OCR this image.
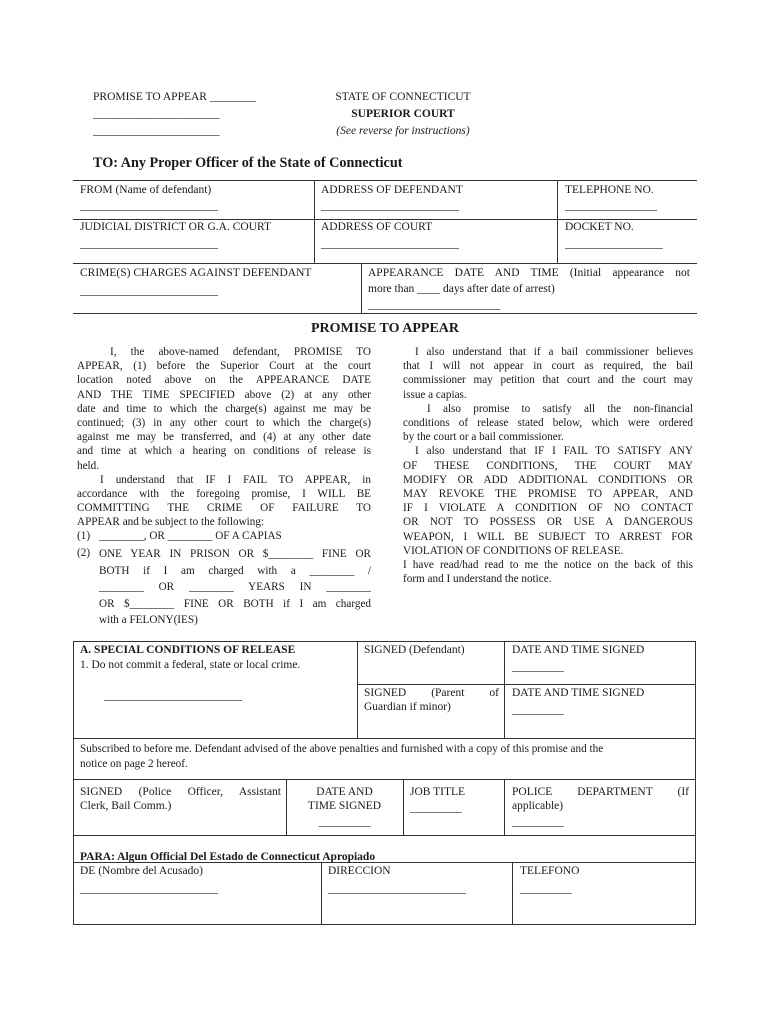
PROMISE TO APPEAR ________
______________________
______________________
STATE OF CONNECTICUT
SUPERIOR COURT
(See reverse for instructions)
TO: Any Proper Officer of the State of Connecticut
FROM (Name of defendant)
________________________
ADDRESS OF DEFENDANT
________________________
TELEPHONE NO.
________________
JUDICIAL DISTRICT OR G.A. COURT
________________________
ADDRESS OF COURT
________________________
DOCKET NO.
_________________
CRIME(S) CHARGES AGAINST DEFENDANT
________________________
APPEARANCE DATE AND TIME (Initial appearance not
more than ____ days after date of arrest)
_______________________
PROMISE TO APPEAR
I, the above-named defendant, PROMISE TO
APPEAR, (1) before the Superior Court at the court
location noted above on the APPEARANCE DATE
AND THE TIME SPECIFIED above (2) at any other
date and time to which the charge(s) against me may be
continued; (3) in any other court to which the charge(s)
against me may be transferred, and (4) at any other date
and time at which a hearing on conditions of release is
held.
I understand that IF I FAIL TO APPEAR, in
accordance with the foregoing promise, I WILL BE
COMMITTING THE CRIME OF FAILURE TO
APPEAR and be subject to the following:
(1) ________, OR ________ OF A CAPIAS
(2) ONE YEAR IN PRISON OR $________ FINE OR
BOTH if I am charged with a ________ /
________ OR ________ YEARS IN ________
OR $________ FINE OR BOTH if I am charged
with a FELONY(IES)
I also understand that if a bail commissioner believes
that I will not appear in court as required, the bail
commissioner may petition that court and the court may
issue a capias.
I also promise to satisfy all the non-financial
conditions of release stated below, which were ordered
by the court or a bail commissioner.
I also understand that IF I FAIL TO SATISFY ANY
OF THESE CONDITIONS, THE COURT MAY
MODIFY OR ADD ADDITIONAL CONDITIONS OR
MAY REVOKE THE PROMISE TO APPEAR, AND
IF I VIOLATE A CONDITION OF NO CONTACT
OR NOT TO POSSESS OR USE A DANGEROUS
WEAPON, I WILL BE SUBJECT TO ARREST FOR
VIOLATION OF CONDITIONS OF RELEASE.
I have read/had read to me the notice on the back of this
form and I understand the notice.
A. SPECIAL CONDITIONS OF RELEASE
1. Do not commit a federal, state or local crime.
________________________
SIGNED (Defendant)	DATE AND TIME SIGNED
_________
SIGNED (Parent of
Guardian if minor)
DATE AND TIME SIGNED
_________
Subscribed to before me. Defendant advised of the above penalties and furnished with a copy of this promise and the
notice on page 2 hereof.
SIGNED (Police Officer, Assistant
Clerk, Bail Comm.)
DATE AND
TIME SIGNED
_________
JOB TITLE
_________
POLICE DEPARTMENT (If
applicable)
_________
PARA: Algun Official Del Estado de Connecticut Apropiado
DE (Nombre del Acusado)
________________________
DIRECCION
________________________
TELEFONO
_________
